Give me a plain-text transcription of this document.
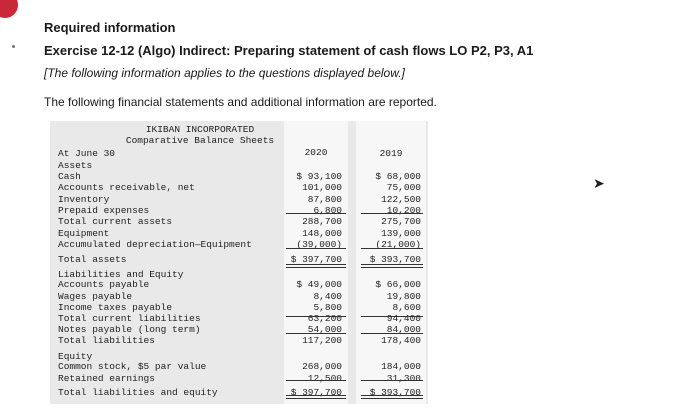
Required information
Exercise 12-12 (Algo) Indirect: Preparing statement of cash flows LO P2, P3, A1
[The following information applies to the questions displayed below.]
The following financial statements and additional information are reported.
IKIBAN INCORPORATED
Comparative Balance Sheets
At June 30	2020	2019
Assets
Cash	$ 93,100	$ 68,000
Accounts receivable, net	101,000	75,000
Inventory	87,800	122,500
Prepaid expenses	6,800	10,200
Total current assets	288,700	275,700
Equipment	148,000	139,000
Accumulated depreciation—Equipment	(39,000)	(21,000)
Total assets	$ 397,700	$ 393,700
Liabilities and Equity
Accounts payable	$ 49,000	$ 66,000
Wages payable	8,400	19,800
Income taxes payable	5,800	8,600
Total current liabilities	63,200	94,400
Notes payable (long term)	54,000	84,000
Total liabilities	117,200	178,400
Equity
Common stock, $5 par value	268,000	184,000
Retained earnings	12,500	31,300
Total liabilities and equity	$ 397,700	$ 393,700
➤
